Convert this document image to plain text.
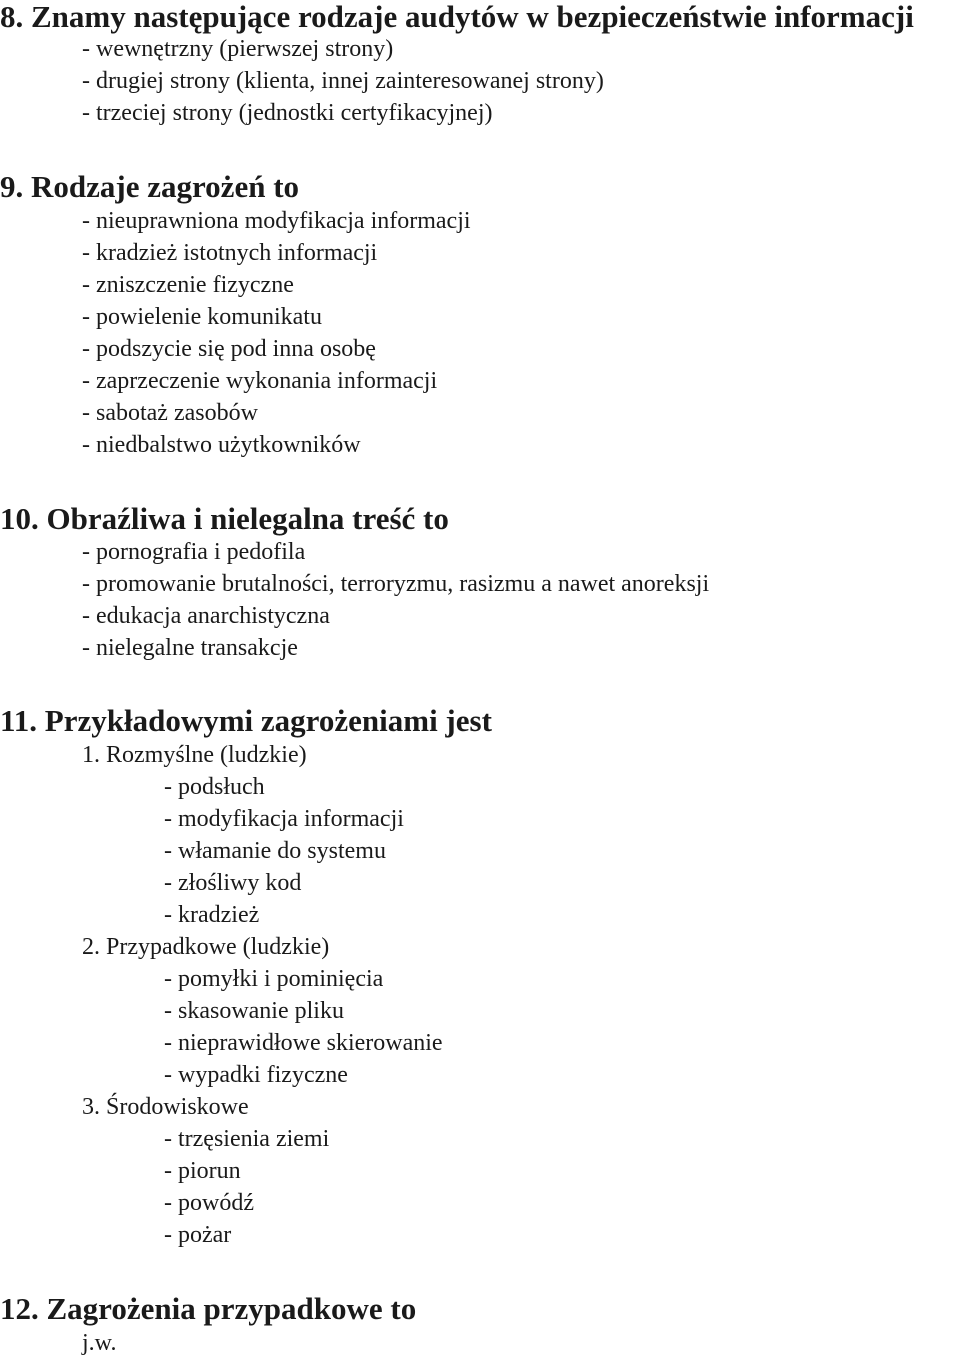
8. Znamy następujące rodzaje audytów w bezpieczeństwie informacji
- wewnętrzny (pierwszej strony)
- drugiej strony (klienta, innej zainteresowanej strony)
- trzeciej strony (jednostki certyfikacyjnej)
9. Rodzaje zagrożeń to
- nieuprawniona modyfikacja informacji
- kradzież istotnych informacji
- zniszczenie fizyczne
- powielenie komunikatu
- podszycie się pod inna osobę
- zaprzeczenie wykonania informacji
- sabotaż zasobów
- niedbalstwo użytkowników
10. Obraźliwa i nielegalna treść to
- pornografia i pedofila
- promowanie brutalności, terroryzmu, rasizmu a nawet anoreksji
- edukacja anarchistyczna
- nielegalne transakcje
11. Przykładowymi zagrożeniami jest
1. Rozmyślne (ludzkie)
- podsłuch
- modyfikacja informacji
- włamanie do systemu
- złośliwy kod
- kradzież
2. Przypadkowe (ludzkie)
- pomyłki i pominięcia
- skasowanie pliku
- nieprawidłowe skierowanie
- wypadki fizyczne
3. Środowiskowe
- trzęsienia ziemi
- piorun
- powódź
- pożar
12. Zagrożenia przypadkowe to
j.w.
